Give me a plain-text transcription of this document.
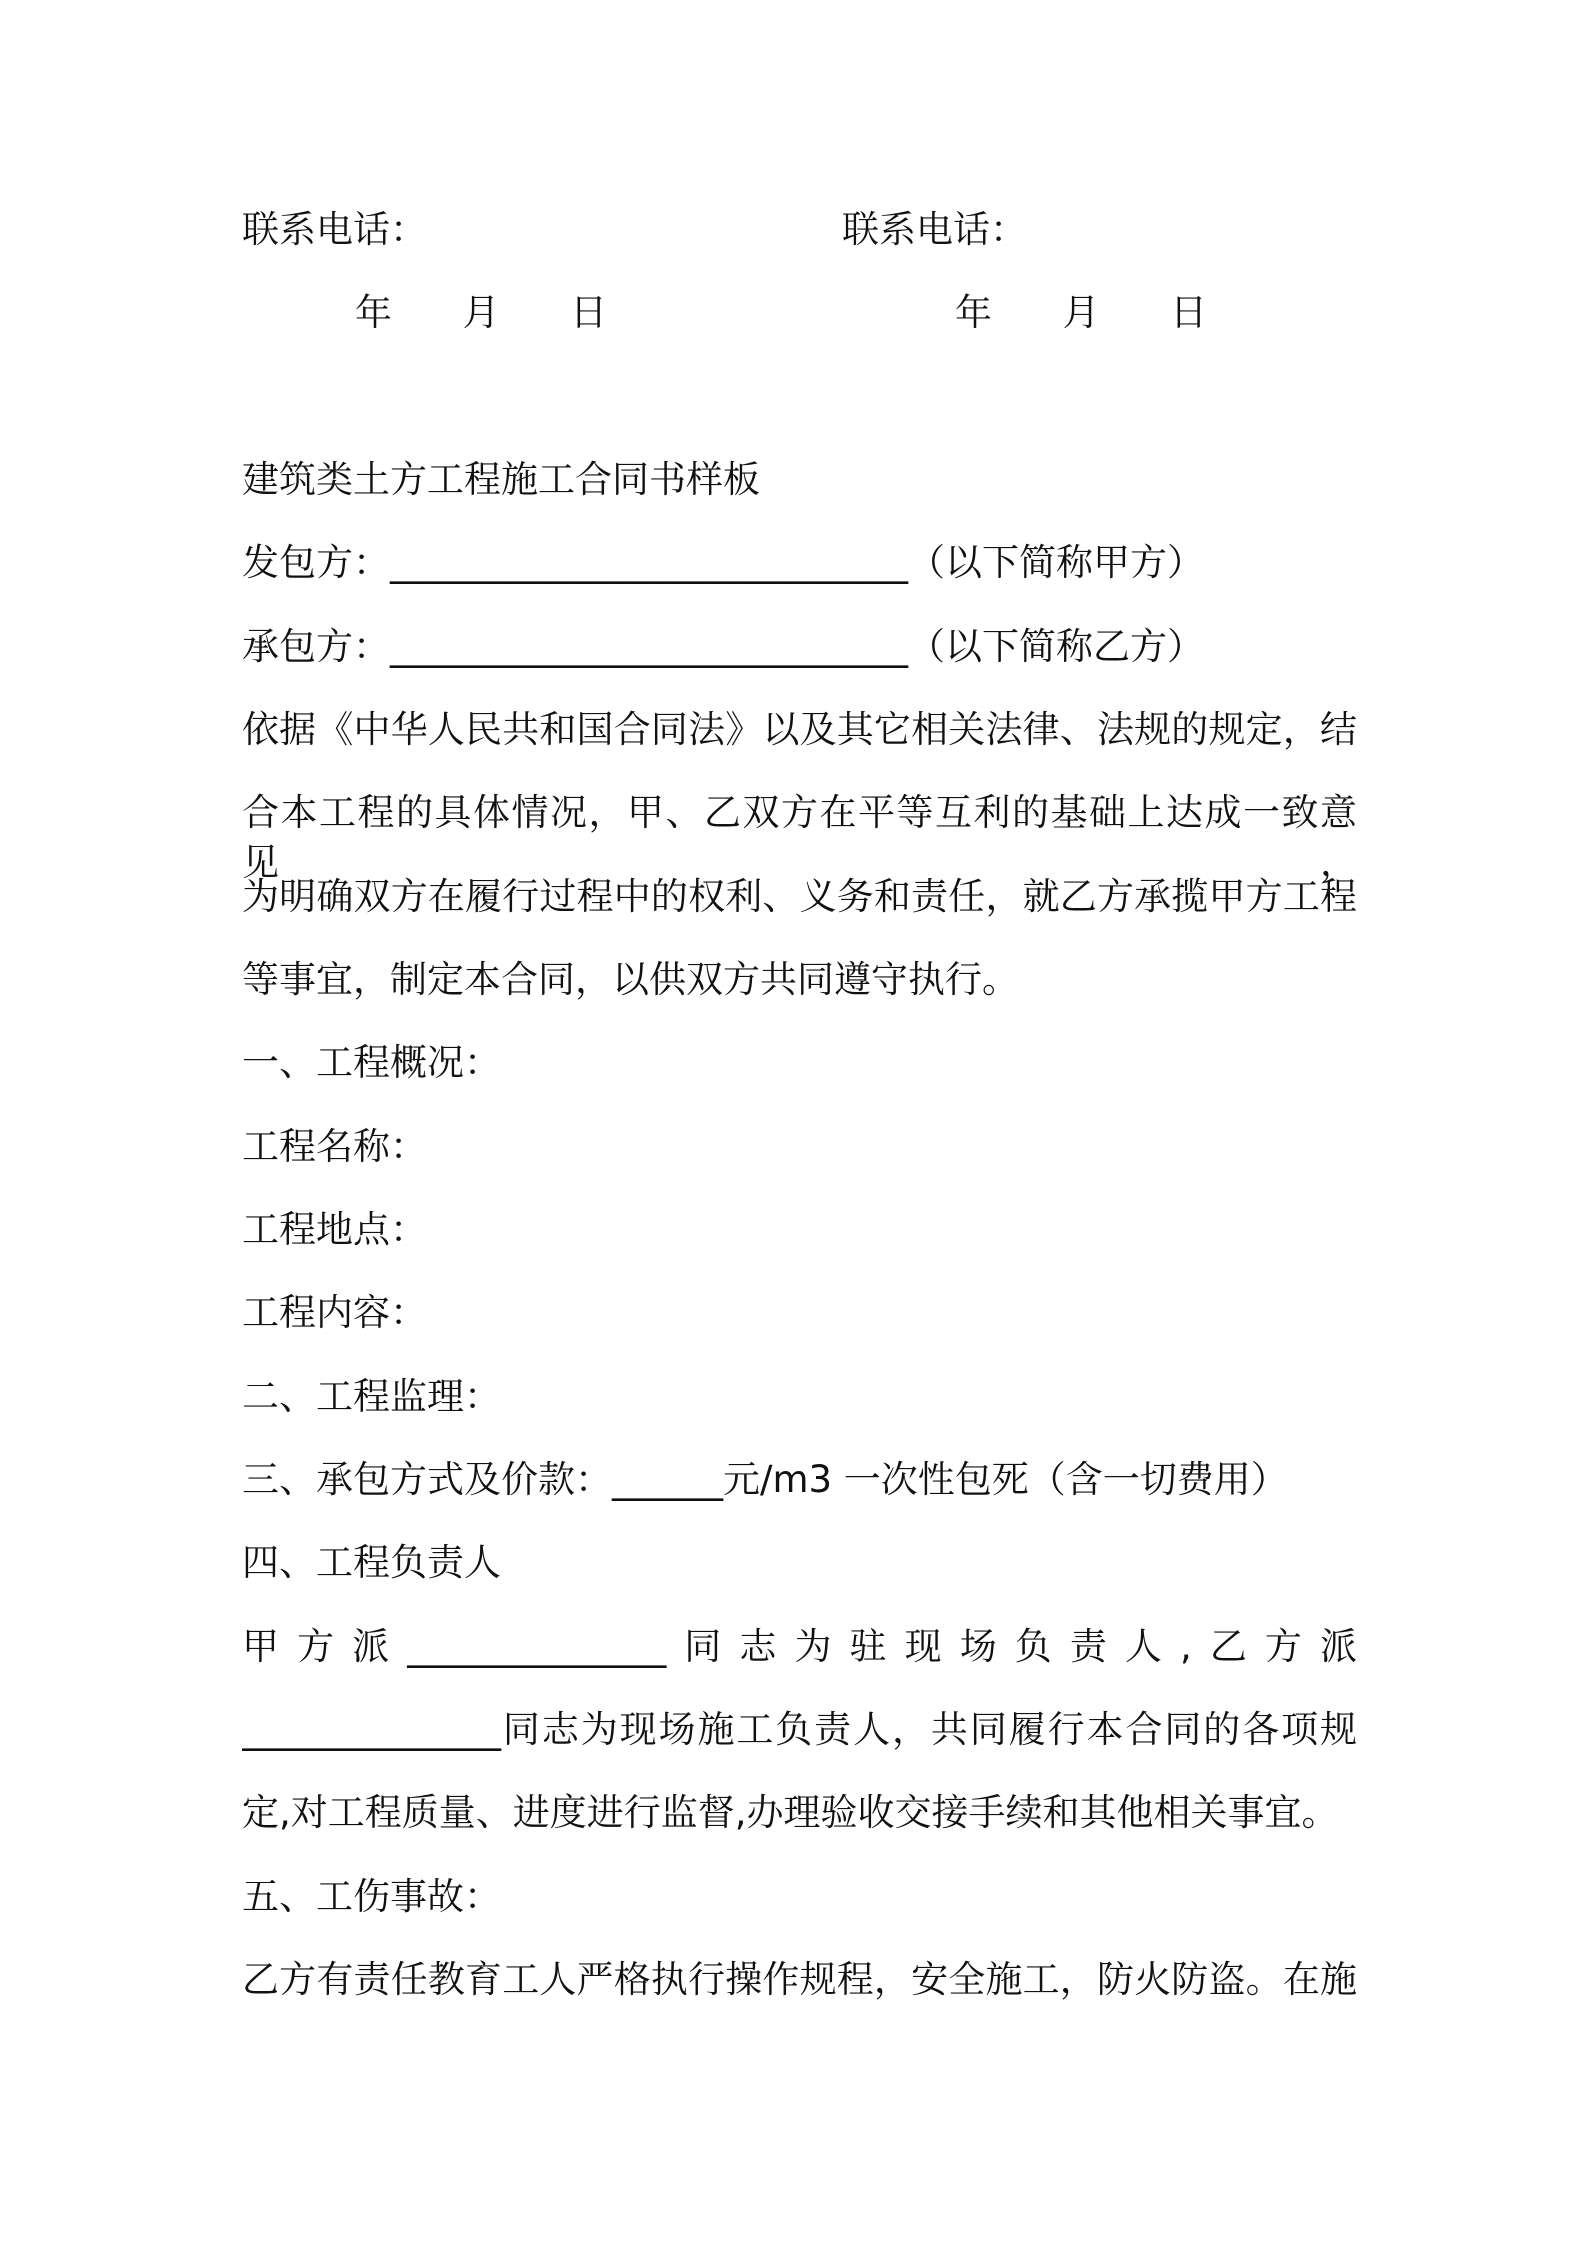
联系电话：	联系电话：
年      月      日	年      月      日
建筑类土方工程施工合同书样板
发包方：____________________________（以下简称甲方）
承包方：____________________________（以下简称乙方）
依据《中华人民共和国合同法》以及其它相关法律、法规的规定，结
合本工程的具体情况，甲、乙双方在平等互利的基础上达成一致意见，
为明确双方在履行过程中的权利、义务和责任，就乙方承揽甲方工程
等事宜，制定本合同，以供双方共同遵守执行。
一、工程概况：
工程名称：
工程地点：
工程内容：
二、工程监理：
三、承包方式及价款：______元/m3 一次性包死（含一切费用）
四、工程负责人
甲方派______________同志为驻现场负责人,乙方派
______________同志为现场施工负责人，共同履行本合同的各项规
定,对工程质量、进度进行监督,办理验收交接手续和其他相关事宜。
五、工伤事故：
乙方有责任教育工人严格执行操作规程，安全施工，防火防盗。在施
